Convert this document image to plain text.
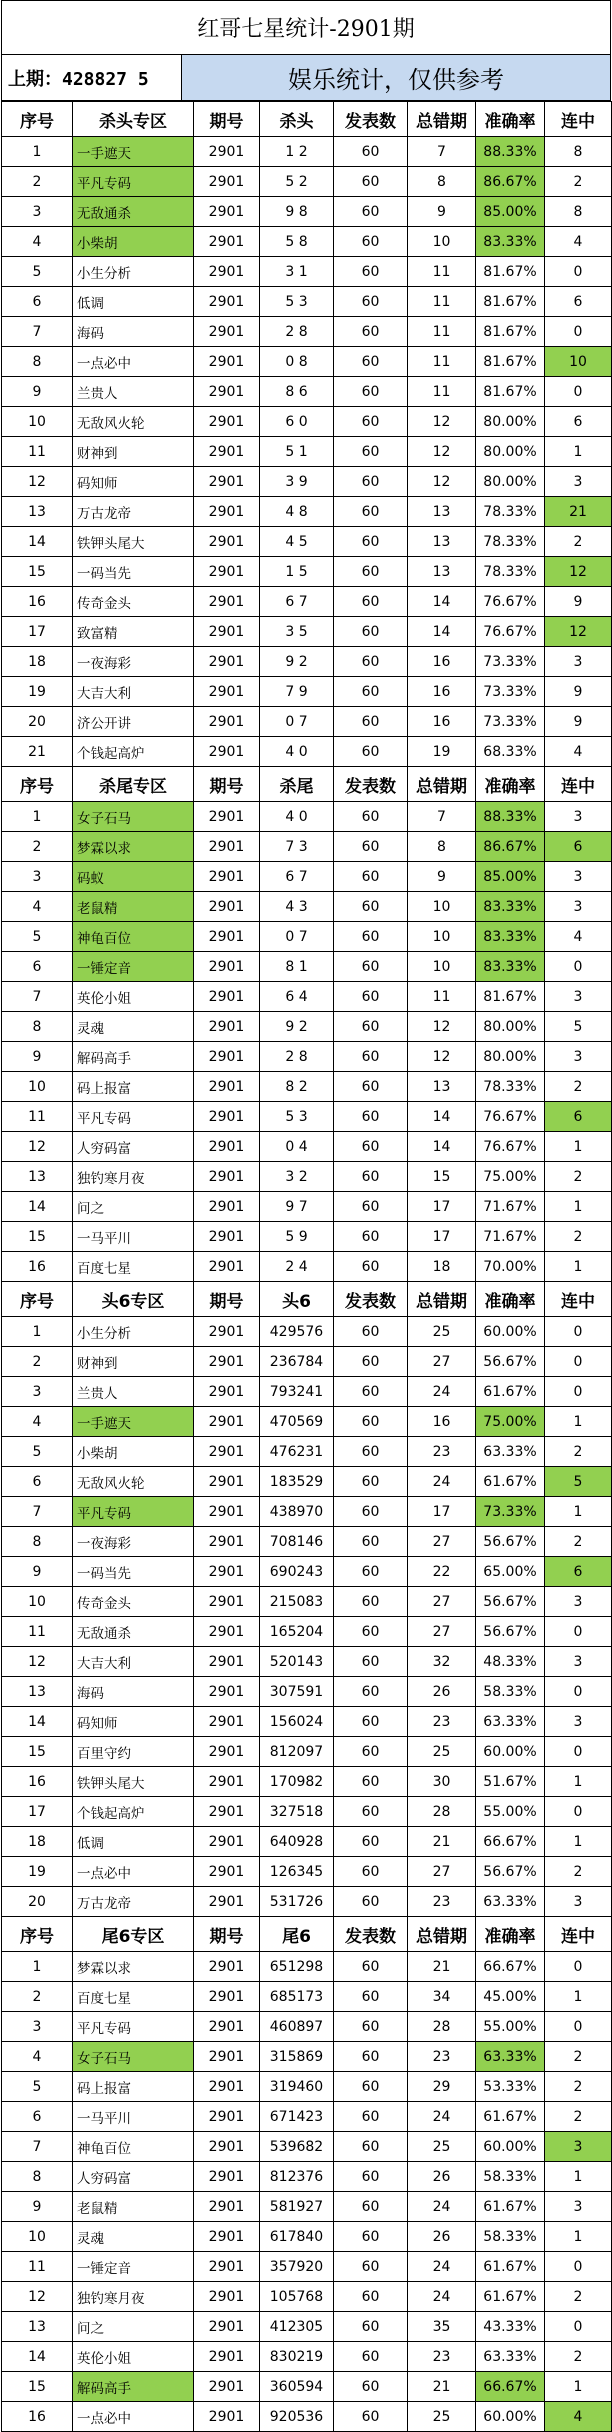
红哥七星统计-2901期
上期：428827 5	娱乐统计，仅供参考
序号	杀头专区	期号	杀头	发表数	总错期	准确率	连中
1	一手遮天	2901	1 2	60	7	88.33%	8
2	平凡专码	2901	5 2	60	8	86.67%	2
3	无敌通杀	2901	9 8	60	9	85.00%	8
4	小柴胡	2901	5 8	60	10	83.33%	4
5	小生分析	2901	3 1	60	11	81.67%	0
6	低调	2901	5 3	60	11	81.67%	6
7	海码	2901	2 8	60	11	81.67%	0
8	一点必中	2901	0 8	60	11	81.67%	10
9	兰贵人	2901	8 6	60	11	81.67%	0
10	无敌风火轮	2901	6 0	60	12	80.00%	6
11	财神到	2901	5 1	60	12	80.00%	1
12	码知师	2901	3 9	60	12	80.00%	3
13	万古龙帝	2901	4 8	60	13	78.33%	21
14	铁钾头尾大	2901	4 5	60	13	78.33%	2
15	一码当先	2901	1 5	60	13	78.33%	12
16	传奇金头	2901	6 7	60	14	76.67%	9
17	致富精	2901	3 5	60	14	76.67%	12
18	一夜海彩	2901	9 2	60	16	73.33%	3
19	大吉大利	2901	7 9	60	16	73.33%	9
20	济公开讲	2901	0 7	60	16	73.33%	9
21	个钱起高炉	2901	4 0	60	19	68.33%	4
序号	杀尾专区	期号	杀尾	发表数	总错期	准确率	连中
1	女子石马	2901	4 0	60	7	88.33%	3
2	梦霖以求	2901	7 3	60	8	86.67%	6
3	码蚁	2901	6 7	60	9	85.00%	3
4	老鼠精	2901	4 3	60	10	83.33%	3
5	神龟百位	2901	0 7	60	10	83.33%	4
6	一锤定音	2901	8 1	60	10	83.33%	0
7	英伦小姐	2901	6 4	60	11	81.67%	3
8	灵魂	2901	9 2	60	12	80.00%	5
9	解码高手	2901	2 8	60	12	80.00%	3
10	码上报富	2901	8 2	60	13	78.33%	2
11	平凡专码	2901	5 3	60	14	76.67%	6
12	人穷码富	2901	0 4	60	14	76.67%	1
13	独钓寒月夜	2901	3 2	60	15	75.00%	2
14	问之	2901	9 7	60	17	71.67%	1
15	一马平川	2901	5 9	60	17	71.67%	2
16	百度七星	2901	2 4	60	18	70.00%	1
序号	头6专区	期号	头6	发表数	总错期	准确率	连中
1	小生分析	2901	429576	60	25	60.00%	0
2	财神到	2901	236784	60	27	56.67%	0
3	兰贵人	2901	793241	60	24	61.67%	0
4	一手遮天	2901	470569	60	16	75.00%	1
5	小柴胡	2901	476231	60	23	63.33%	2
6	无敌风火轮	2901	183529	60	24	61.67%	5
7	平凡专码	2901	438970	60	17	73.33%	1
8	一夜海彩	2901	708146	60	27	56.67%	2
9	一码当先	2901	690243	60	22	65.00%	6
10	传奇金头	2901	215083	60	27	56.67%	3
11	无敌通杀	2901	165204	60	27	56.67%	0
12	大吉大利	2901	520143	60	32	48.33%	3
13	海码	2901	307591	60	26	58.33%	0
14	码知师	2901	156024	60	23	63.33%	3
15	百里守约	2901	812097	60	25	60.00%	0
16	铁钾头尾大	2901	170982	60	30	51.67%	1
17	个钱起高炉	2901	327518	60	28	55.00%	0
18	低调	2901	640928	60	21	66.67%	1
19	一点必中	2901	126345	60	27	56.67%	2
20	万古龙帝	2901	531726	60	23	63.33%	3
序号	尾6专区	期号	尾6	发表数	总错期	准确率	连中
1	梦霖以求	2901	651298	60	21	66.67%	0
2	百度七星	2901	685173	60	34	45.00%	1
3	平凡专码	2901	460897	60	28	55.00%	0
4	女子石马	2901	315869	60	23	63.33%	2
5	码上报富	2901	319460	60	29	53.33%	2
6	一马平川	2901	671423	60	24	61.67%	2
7	神龟百位	2901	539682	60	25	60.00%	3
8	人穷码富	2901	812376	60	26	58.33%	1
9	老鼠精	2901	581927	60	24	61.67%	3
10	灵魂	2901	617840	60	26	58.33%	1
11	一锤定音	2901	357920	60	24	61.67%	0
12	独钓寒月夜	2901	105768	60	24	61.67%	2
13	问之	2901	412305	60	35	43.33%	0
14	英伦小姐	2901	830219	60	23	63.33%	2
15	解码高手	2901	360594	60	21	66.67%	1
16	一点必中	2901	920536	60	25	60.00%	4
